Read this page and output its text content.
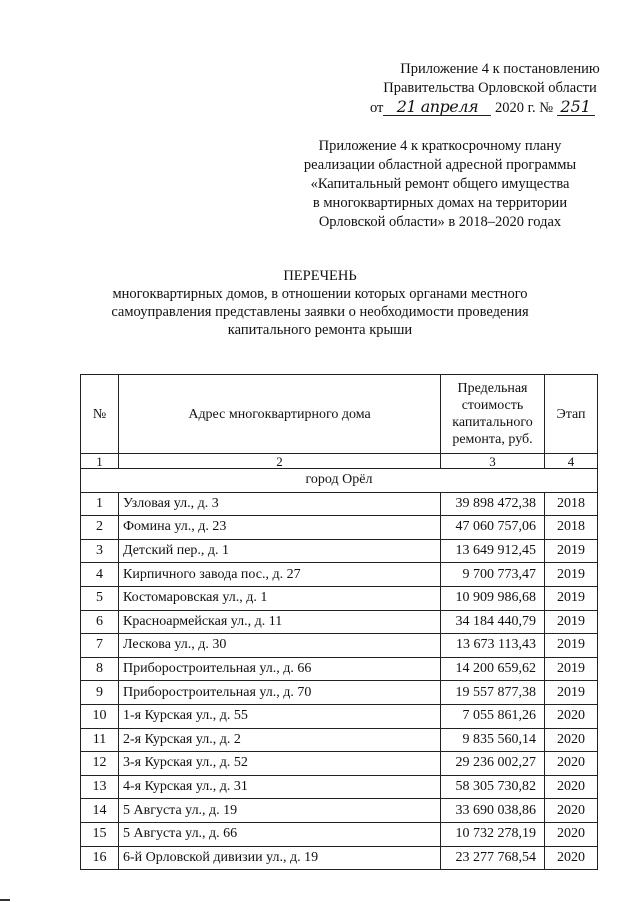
Приложение 4 к постановлению
Правительства Орловской области
от 21 апреля 2020 г. № 251
Приложение 4 к краткосрочному плану
реализации областной адресной программы
«Капитальный ремонт общего имущества
в многоквартирных домах на территории
Орловской области» в 2018–2020 годах
ПЕРЕЧЕНЬ
многоквартирных домов, в отношении которых органами местного
самоуправления представлены заявки о необходимости проведения
капитального ремонта крыши
№	Адрес многоквартирного дома	Предельная стоимость капитального ремонта, руб.	Этап
1	2	3	4
город Орёл			
1	Узловая ул., д. 3	39 898 472,38	2018
2	Фомина ул., д. 23	47 060 757,06	2018
3	Детский пер., д. 1	13 649 912,45	2019
4	Кирпичного завода пос., д. 27	9 700 773,47	2019
5	Костомаровская ул., д. 1	10 909 986,68	2019
6	Красноармейская ул., д. 11	34 184 440,79	2019
7	Лескова ул., д. 30	13 673 113,43	2019
8	Приборостроительная ул., д. 66	14 200 659,62	2019
9	Приборостроительная ул., д. 70	19 557 877,38	2019
10	1-я Курская ул., д. 55	7 055 861,26	2020
11	2-я Курская ул., д. 2	9 835 560,14	2020
12	3-я Курская ул., д. 52	29 236 002,27	2020
13	4-я Курская ул., д. 31	58 305 730,82	2020
14	5 Августа ул., д. 19	33 690 038,86	2020
15	5 Августа ул., д. 66	10 732 278,19	2020
16	6-й Орловской дивизии ул., д. 19	23 277 768,54	2020
